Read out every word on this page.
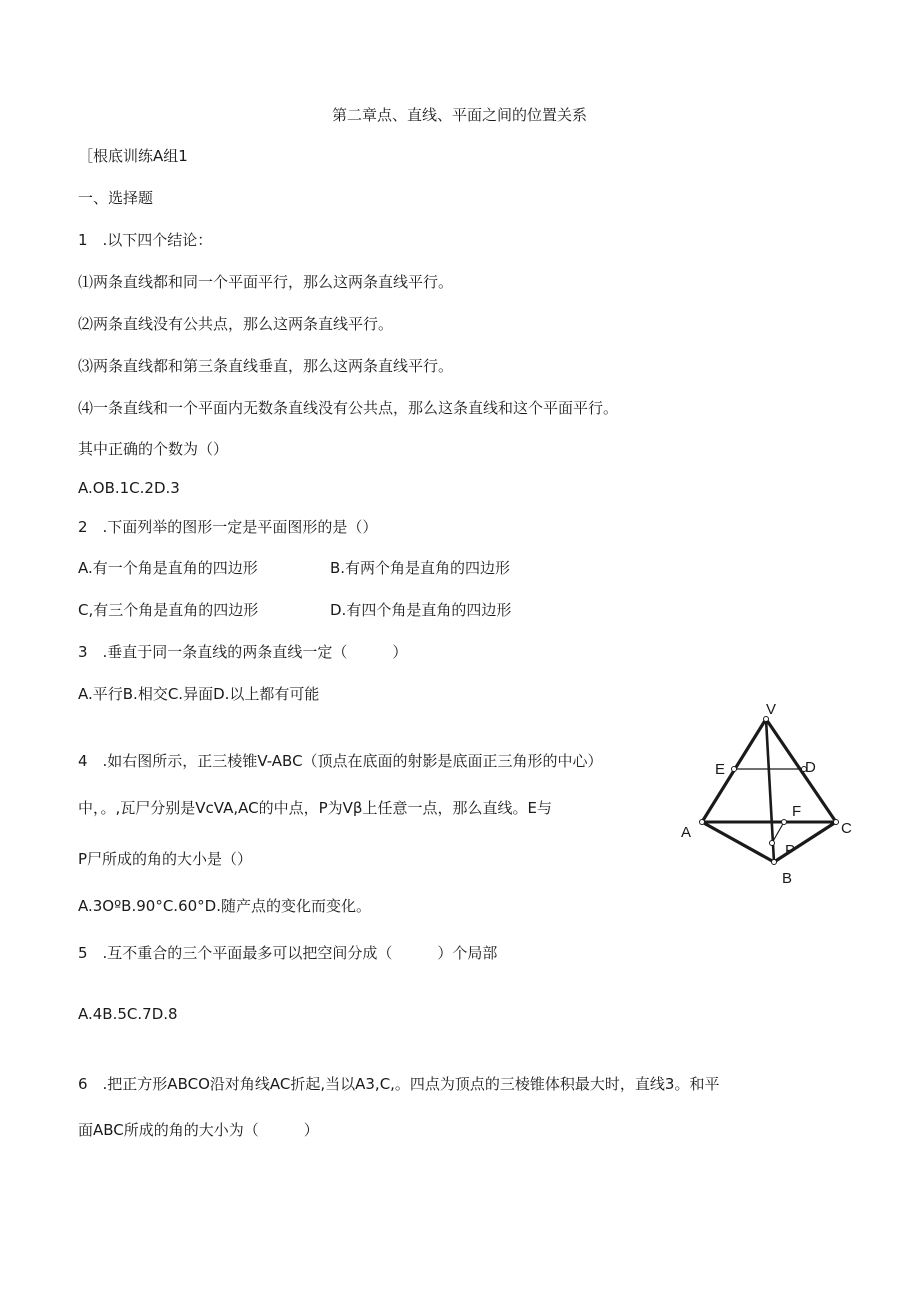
第二章点、直线、平面之间的位置关系
［根底训练A组1
一、选择题
1　.以下四个结论：
⑴两条直线都和同一个平面平行，那么这两条直线平行。
⑵两条直线没有公共点，那么这两条直线平行。
⑶两条直线都和第三条直线垂直，那么这两条直线平行。
⑷一条直线和一个平面内无数条直线没有公共点，那么这条直线和这个平面平行。
其中正确的个数为（）
A.OB.1C.2D.3
2　.下面列举的图形一定是平面图形的是（）
A.有一个角是直角的四边形	B.有两个角是直角的四边形
C,有三个角是直角的四边形	D.有四个角是直角的四边形
3　.垂直于同一条直线的两条直线一定（　　　）
A.平行B.相交C.异面D.以上都有可能
4　.如右图所示，正三棱锥V-ABC（顶点在底面的射影是底面正三角形的中心）
中，。,瓦尸分别是VcVA,AC的中点，P为Vβ上任意一点，那么直线。E与
P尸所成的角的大小是（）
A.3OºB.90°C.60°D.随产点的变化而变化。
5　.互不重合的三个平面最多可以把空间分成（　　　）个局部
A.4B.5C.7D.8
6　.把正方形ABCO沿对角线AC折起,当以A3,C,。四点为顶点的三棱锥体积最大时，直线3。和平
面ABC所成的角的大小为（　　　）
V
E	D
F
A	C
P
B
